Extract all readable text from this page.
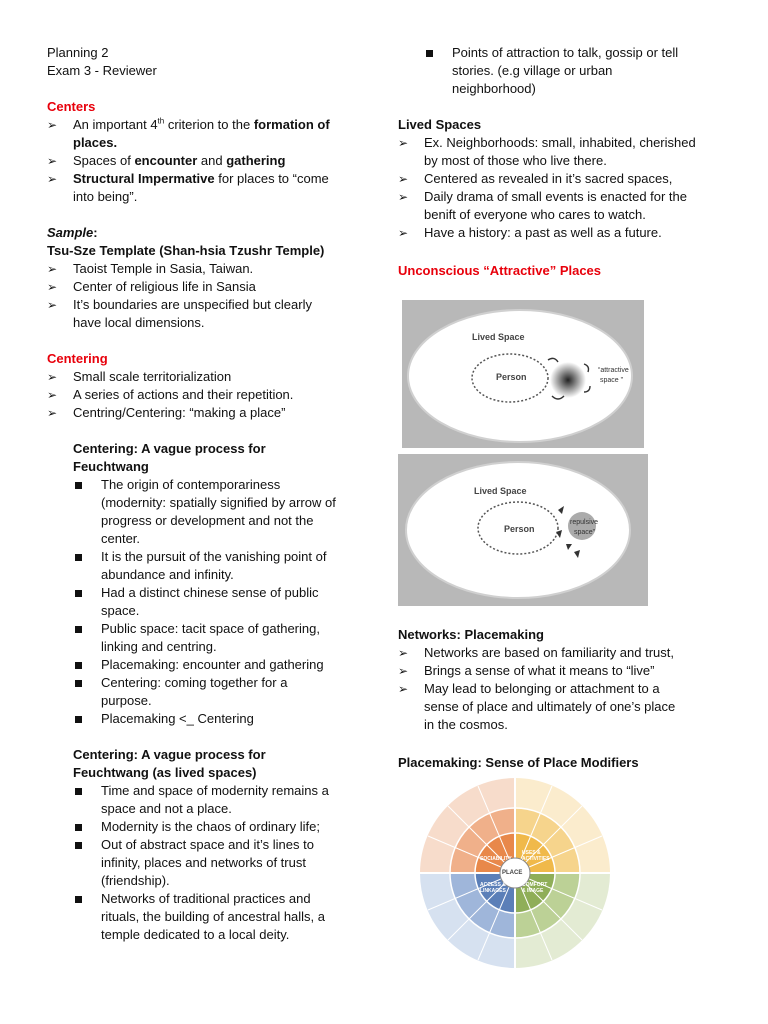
Planning 2
Exam 3 - Reviewer
Centers
➢ An important 4th criterion to the formation of
places.
➢ Spaces of encounter and gathering
➢ Structural Impermative for places to “come
into being”.
Sample:
Tsu-Sze Template (Shan-hsia Tzushr Temple)
➢ Taoist Temple in Sasia, Taiwan.
➢ Center of religious life in Sansia
➢ It’s boundaries are unspecified but clearly
have local dimensions.
Centering
➢ Small scale territorialization
➢ A series of actions and their repetition.
➢ Centring/Centering: “making a place”
Centering: A vague process for
Feuchtwang
The origin of contemporariness
(modernity: spatially signified by arrow of
progress or development and not the
center.
It is the pursuit of the vanishing point of
abundance and infinity.
Had a distinct chinese sense of public
space.
Public space: tacit space of gathering,
linking and centring.
Placemaking: encounter and gathering
Centering: coming together for a
purpose.
Placemaking <_ Centering
Centering: A vague process for
Feuchtwang (as lived spaces)
Time and space of modernity remains a
space and not a place.
Modernity is the chaos of ordinary life;
Out of abstract space and it’s lines to
infinity, places and networks of trust
(friendship).
Networks of traditional practices and
rituals, the building of ancestral halls, a
temple dedicated to a local deity.
Points of attraction to talk, gossip or tell
stories. (e.g village or urban
neighborhood)
Lived Spaces
➢ Ex. Neighborhoods: small, inhabited, cherished
by most of those who live there.
➢ Centered as revealed in it’s sacred spaces,
➢ Daily drama of small events is enacted for the
benift of everyone who cares to watch.
➢ Have a history: a past as well as a future.
Unconscious “Attractive” Places
Lived Space
Person
“attractive
space ”
Lived Space
Person
repulsive
space”
Networks: Placemaking
➢ Networks are based on familiarity and trust,
➢ Brings a sense of what it means to “live”
➢ May lead to belonging or attachment to a
sense of place and ultimately of one’s place
in the cosmos.
Placemaking: Sense of Place Modifiers
PLACE
SOCIABILITY
USES & ACTIVITIES
ACCESS & LINKAGES
COMFORT & IMAGE
